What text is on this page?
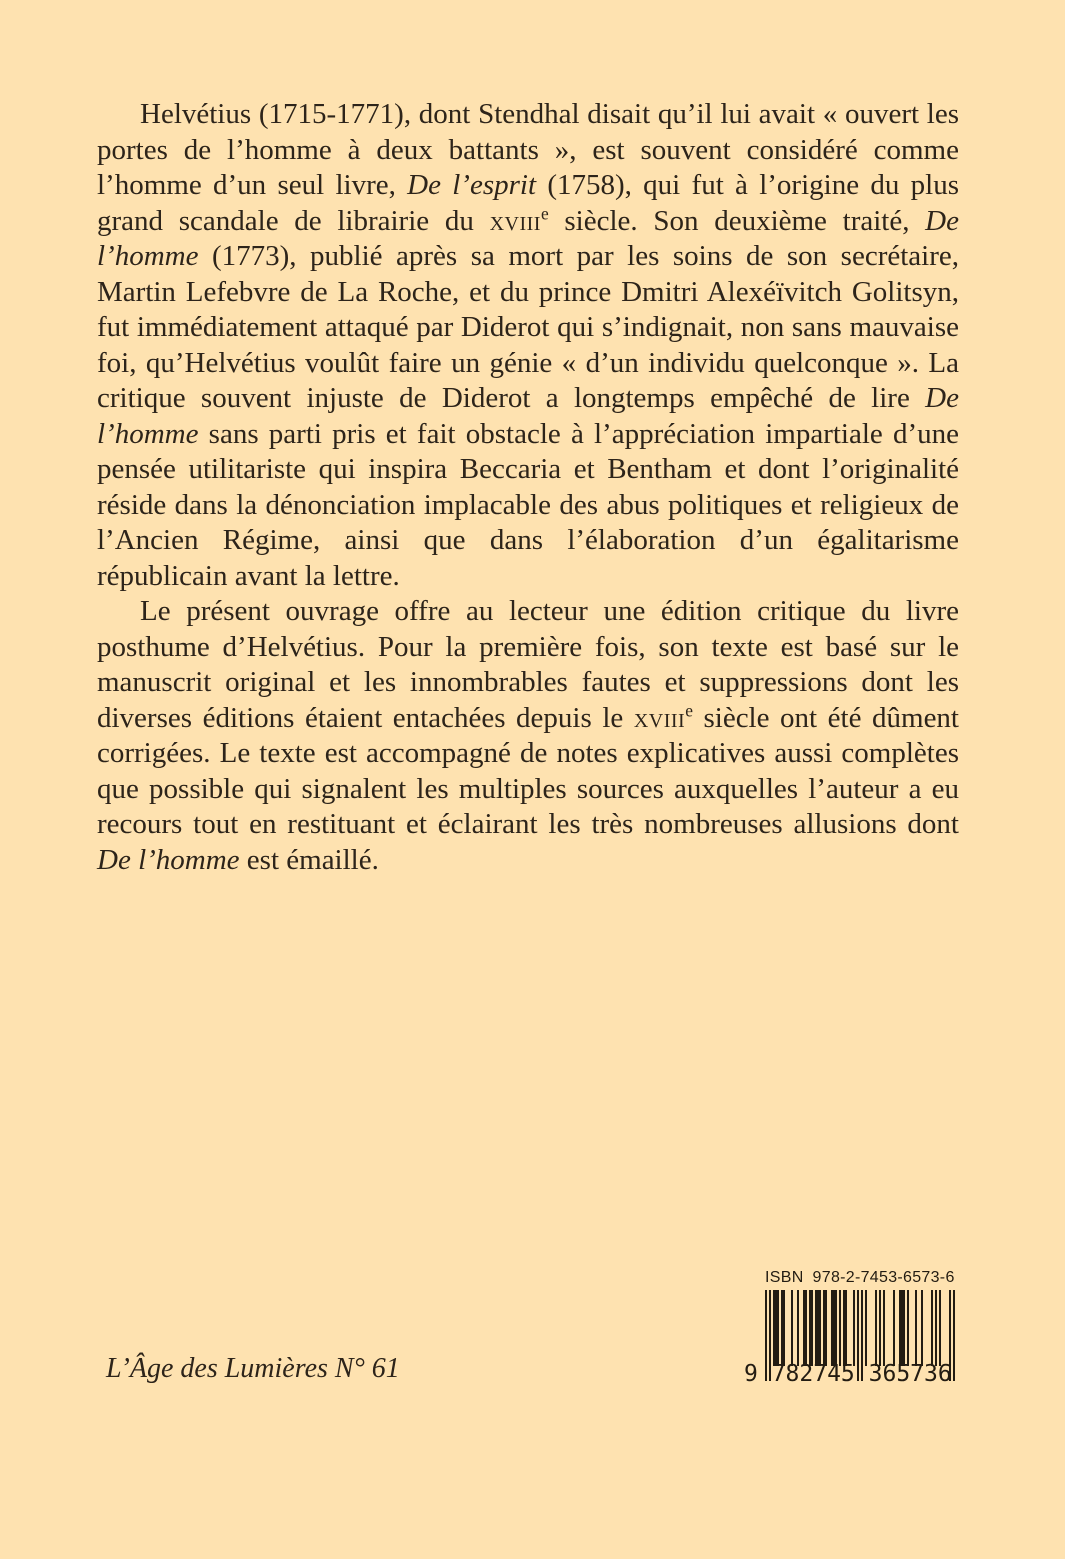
Helvétius (1715-1771), dont Stendhal disait qu’il lui avait « ouvert les portes de l’homme à deux battants », est souvent considéré comme l’homme d’un seul livre, De l’esprit (1758), qui fut à l’origine du plus grand scandale de librairie du xviii$^e$ siècle. Son deuxième traité, De l’homme (1773), publié après sa mort par les soins de son secrétaire, Martin Lefebvre de La Roche, et du prince Dmitri Alexéïvitch Golitsyn, fut immédiatement attaqué par Diderot qui s’indignait, non sans mauvaise foi, qu’Helvétius voulût faire un génie « d’un individu quelconque ». La critique souvent injuste de Diderot a longtemps empêché de lire De l’homme sans parti pris et fait obstacle à l’appréciation impartiale d’une pensée utilitariste qui inspira Beccaria et Bentham et dont l’originalité réside dans la dénonciation implacable des abus politiques et religieux de l’Ancien Régime, ainsi que dans l’élaboration d’un égalitarisme républicain avant la lettre.

Le présent ouvrage offre au lecteur une édition critique du livre posthume d’Helvétius. Pour la première fois, son texte est basé sur le manuscrit original et les innombrables fautes et suppressions dont les diverses éditions étaient entachées depuis le xviii$^e$ siècle ont été dûment corrigées. Le texte est accompagné de notes explicatives aussi complètes que possible qui signalent les multiples sources auxquelles l’auteur a eu recours tout en restituant et éclairant les très nombreuses allusions dont De l’homme est émaillé.

L’Âge des Lumières N° 61
ISBN 978-2-7453-6573-6
9 782745 365736
